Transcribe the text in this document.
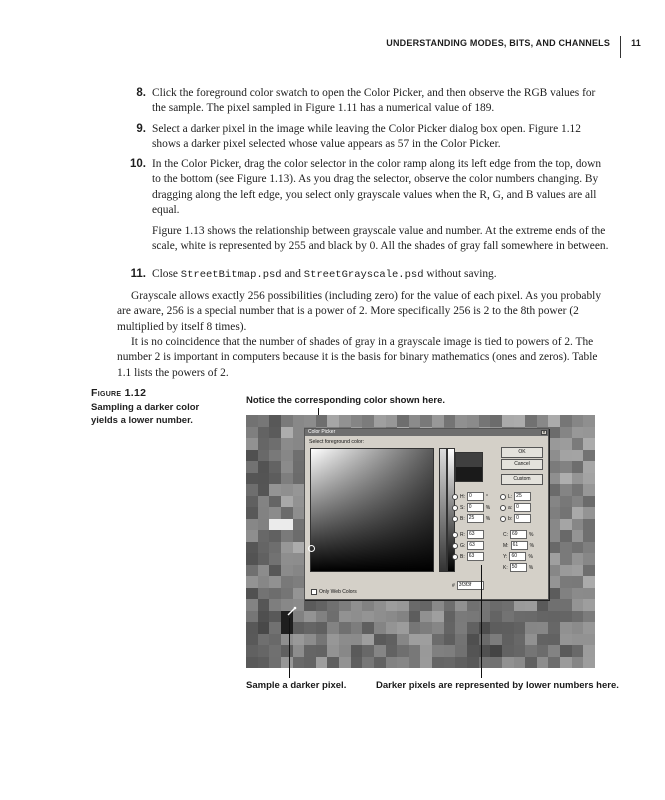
UNDERSTANDING MODES, BITS, AND CHANNELS 11
8. Click the foreground color swatch to open the Color Picker, and then observe the RGB values for the sample. The pixel sampled in Figure 1.11 has a numerical value of 189.
9. Select a darker pixel in the image while leaving the Color Picker dialog box open. Figure 1.12 shows a darker pixel selected whose value appears as 57 in the Color Picker.
10. In the Color Picker, drag the color selector in the color ramp along its left edge from the top, down to the bottom (see Figure 1.13). As you drag the selector, observe the color numbers changing. By dragging along the left edge, you select only grayscale values when the R, G, and B values are all equal.
Figure 1.13 shows the relationship between grayscale value and number. At the extreme ends of the scale, white is represented by 255 and black by 0. All the shades of gray fall somewhere in between.
11. Close StreetBitmap.psd and StreetGrayscale.psd without saving.
Grayscale allows exactly 256 possibilities (including zero) for the value of each pixel. As you probably are aware, 256 is a special number that is a power of 2. More specifically 256 is 2 to the 8th power (2 multiplied by itself 8 times).
It is no coincidence that the number of shades of gray in a grayscale image is tied to powers of 2. The number 2 is important in computers because it is the basis for binary mathematics (ones and zeros). Table 1.1 lists the powers of 2.
Figure 1.12
Sampling a darker color yields a lower number.
Notice the corresponding color shown here.
Color Picker	×
Select foreground color:
OK
Cancel
Custom
H: 0	°
S: 0	%
B: 25	%
L: 25
a: 0
b: 0
R: 63
G: 63
B: 63
C: 69	%
M: 61	%
Y: 60	%
K: 50	%
# 3f3f3f
Only Web Colors
Sample a darker pixel.	Darker pixels are represented by lower numbers here.
